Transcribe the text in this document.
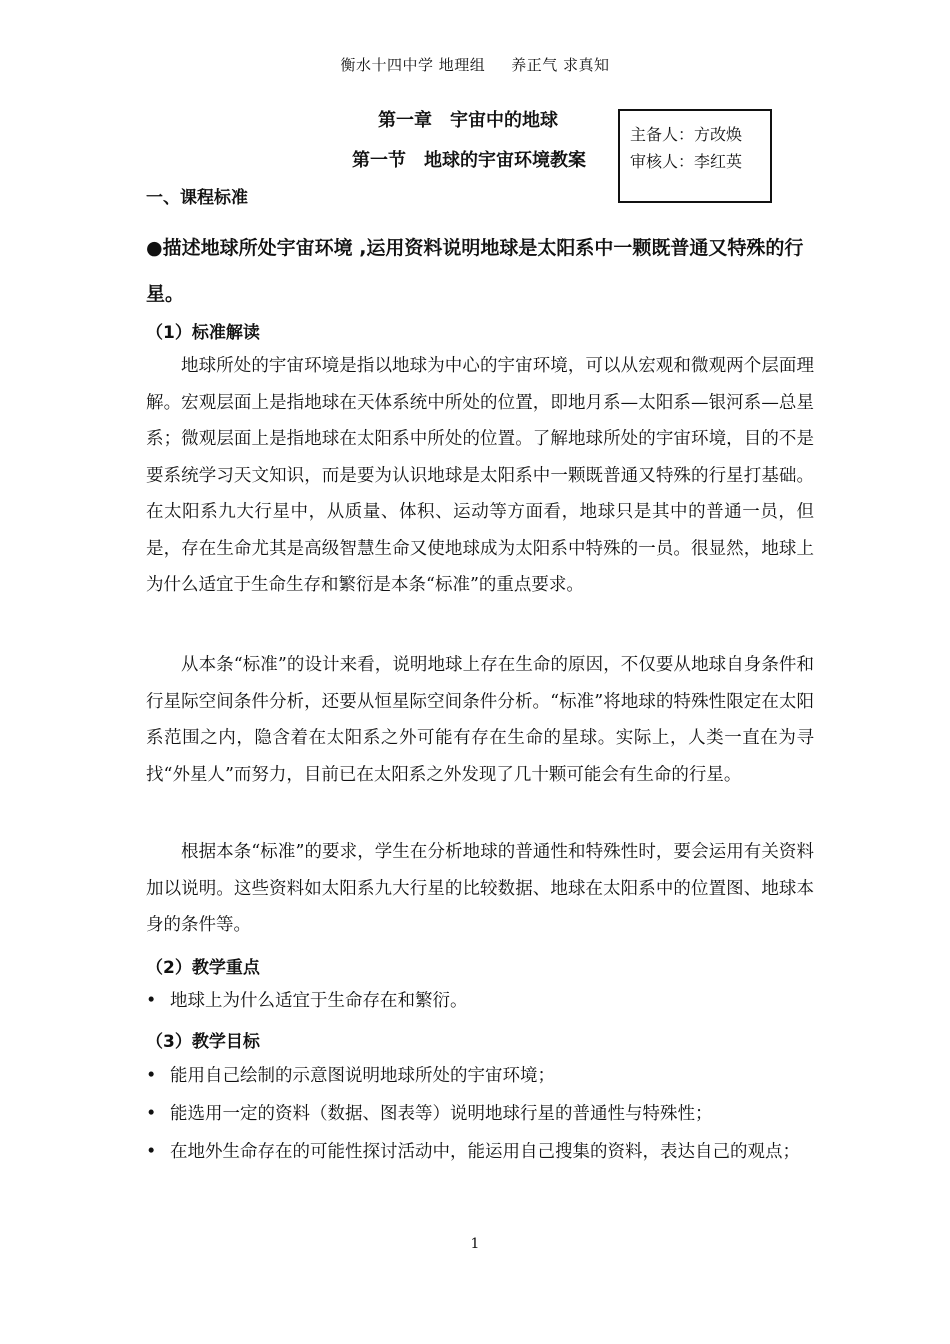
衡水十四中学 地理组 养正气 求真知
第一章 宇宙中的地球
第一节 地球的宇宙环境教案
主备人：方改焕
审核人：李红英
一、课程标准
●描述地球所处宇宙环境 ,运用资料说明地球是太阳系中一颗既普通又特殊的行星。
（1）标准解读
地球所处的宇宙环境是指以地球为中心的宇宙环境，可以从宏观和微观两个层面理解。宏观层面上是指地球在天体系统中所处的位置，即地月系—太阳系—银河系—总星系；微观层面上是指地球在太阳系中所处的位置。了解地球所处的宇宙环境，目的不是要系统学习天文知识，而是要为认识地球是太阳系中一颗既普通又特殊的行星打基础。在太阳系九大行星中，从质量、体积、运动等方面看，地球只是其中的普通一员，但是，存在生命尤其是高级智慧生命又使地球成为太阳系中特殊的一员。很显然，地球上为什么适宜于生命生存和繁衍是本条“标准”的重点要求。
从本条“标准”的设计来看，说明地球上存在生命的原因，不仅要从地球自身条件和行星际空间条件分析，还要从恒星际空间条件分析。“标准”将地球的特殊性限定在太阳系范围之内，隐含着在太阳系之外可能有存在生命的星球。实际上，人类一直在为寻找“外星人”而努力，目前已在太阳系之外发现了几十颗可能会有生命的行星。
根据本条“标准”的要求，学生在分析地球的普通性和特殊性时，要会运用有关资料加以说明。这些资料如太阳系九大行星的比较数据、地球在太阳系中的位置图、地球本身的条件等。
（2）教学重点
• 地球上为什么适宜于生命存在和繁衍。
（3）教学目标
• 能用自己绘制的示意图说明地球所处的宇宙环境；
• 能选用一定的资料（数据、图表等）说明地球行星的普通性与特殊性；
• 在地外生命存在的可能性探讨活动中，能运用自己搜集的资料，表达自己的观点；
1
